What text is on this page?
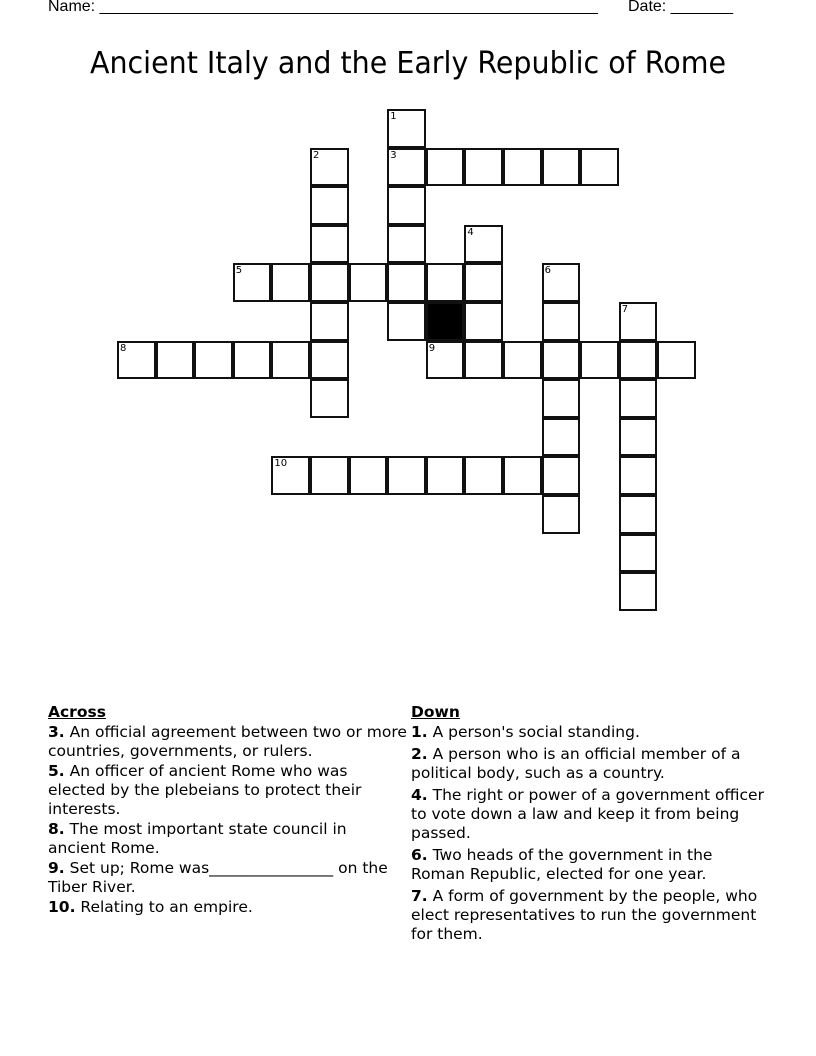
Name: ________________________________________________________ Date: _______
Ancient Italy and the Early Republic of Rome
1
3
2
4
5	6
7
8	9
10
Across
3. An official agreement between two or more countries, governments, or rulers.
5. An officer of ancient Rome who was elected by the plebeians to protect their interests.
8. The most important state council in ancient Rome.
9. Set up; Rome was________________ on the Tiber River.
10. Relating to an empire.
Down
1. A person's social standing.
2. A person who is an official member of a political body, such as a country.
4. The right or power of a government officer to vote down a law and keep it from being passed.
6. Two heads of the government in the Roman Republic, elected for one year.
7. A form of government by the people, who elect representatives to run the government for them.
